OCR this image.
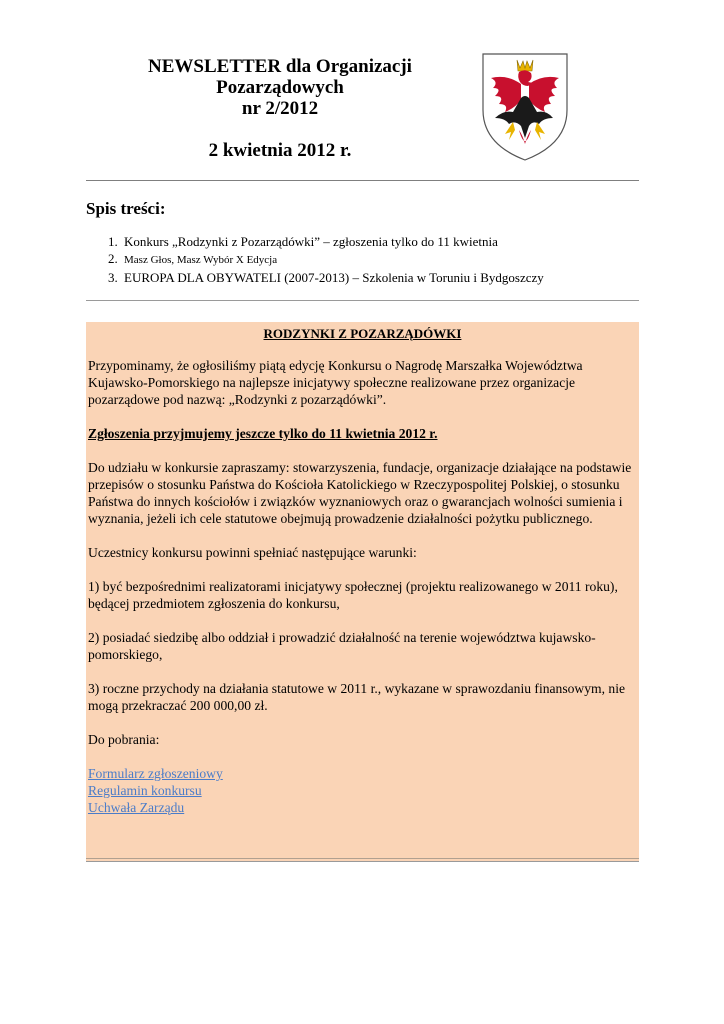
NEWSLETTER dla Organizacji
Pozarządowych
nr 2/2012
2 kwietnia 2012 r.
Spis treści:
1. Konkurs „Rodzynki z Pozarządówki” – zgłoszenia tylko do 11 kwietnia
2. Masz Głos, Masz Wybór X Edycja
3. EUROPA DLA OBYWATELI (2007-2013) – Szkolenia w Toruniu i Bydgoszczy
RODZYNKI Z POZARZĄDÓWKI

Przypominamy, że ogłosiliśmy piątą edycję Konkursu o Nagrodę Marszałka Województwa Kujawsko-Pomorskiego na najlepsze inicjatywy społeczne realizowane przez organizacje pozarządowe pod nazwą: „Rodzynki z pozarządówki”.

Zgłoszenia przyjmujemy jeszcze tylko do 11 kwietnia 2012 r.

Do udziału w konkursie zapraszamy: stowarzyszenia, fundacje, organizacje działające na podstawie przepisów o stosunku Państwa do Kościoła Katolickiego w Rzeczypospolitej Polskiej, o stosunku Państwa do innych kościołów i związków wyznaniowych oraz o gwarancjach wolności sumienia i wyznania, jeżeli ich cele statutowe obejmują prowadzenie działalności pożytku publicznego.

Uczestnicy konkursu powinni spełniać następujące warunki:

1) być bezpośrednimi realizatorami inicjatywy społecznej (projektu realizowanego w 2011 roku), będącej przedmiotem zgłoszenia do konkursu,

2) posiadać siedzibę albo oddział i prowadzić działalność na terenie województwa kujawsko-pomorskiego,

3) roczne przychody na działania statutowe w 2011 r., wykazane w sprawozdaniu finansowym, nie mogą przekraczać 200 000,00 zł.

Do pobrania:

Formularz zgłoszeniowy
Regulamin konkursu
Uchwała Zarządu
